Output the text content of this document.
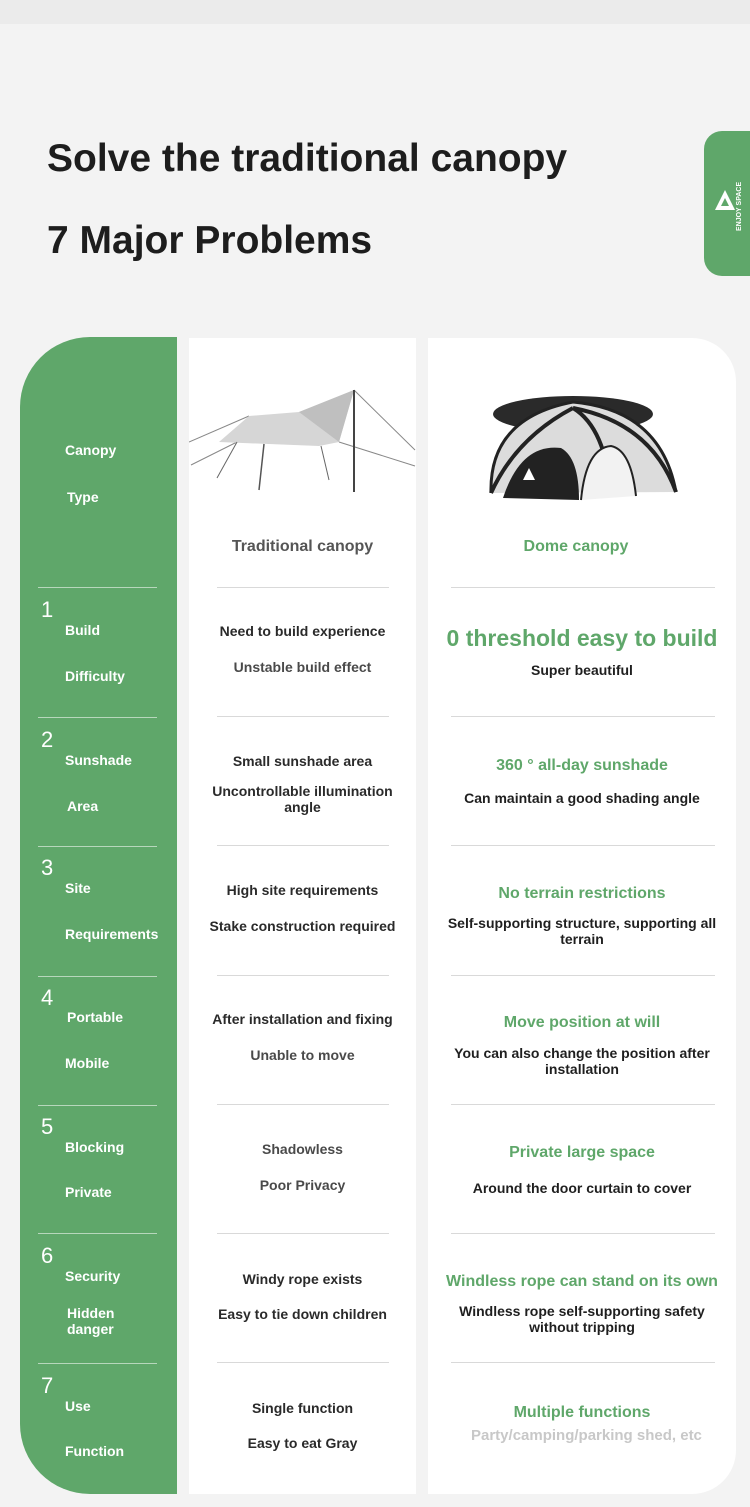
Solve the traditional canopy
7 Major Problems
ENJOY SPACE
Canopy
Type
Traditional canopy	Dome canopy
1
Build
Difficulty
Need to build experience
Unstable build effect
0 threshold easy to build
Super beautiful
2
Sunshade
Area
Small sunshade area
Uncontrollable illumination angle
360 ° all-day sunshade
Can maintain a good shading angle
3
Site
Requirements
High site requirements
Stake construction required
No terrain restrictions
Self-supporting structure, supporting all terrain
4
Portable
Mobile
After installation and fixing
Unable to move
Move position at will
You can also change the position after installation
5
Blocking
Private
Shadowless
Poor Privacy
Private large space
Around the door curtain to cover
6
Security
Hidden danger
Windy rope exists
Easy to tie down children
Windless rope can stand on its own
Windless rope self-supporting safety without tripping
7
Use
Function
Single function
Easy to eat Gray
Multiple functions
Party/camping/parking shed, etc
